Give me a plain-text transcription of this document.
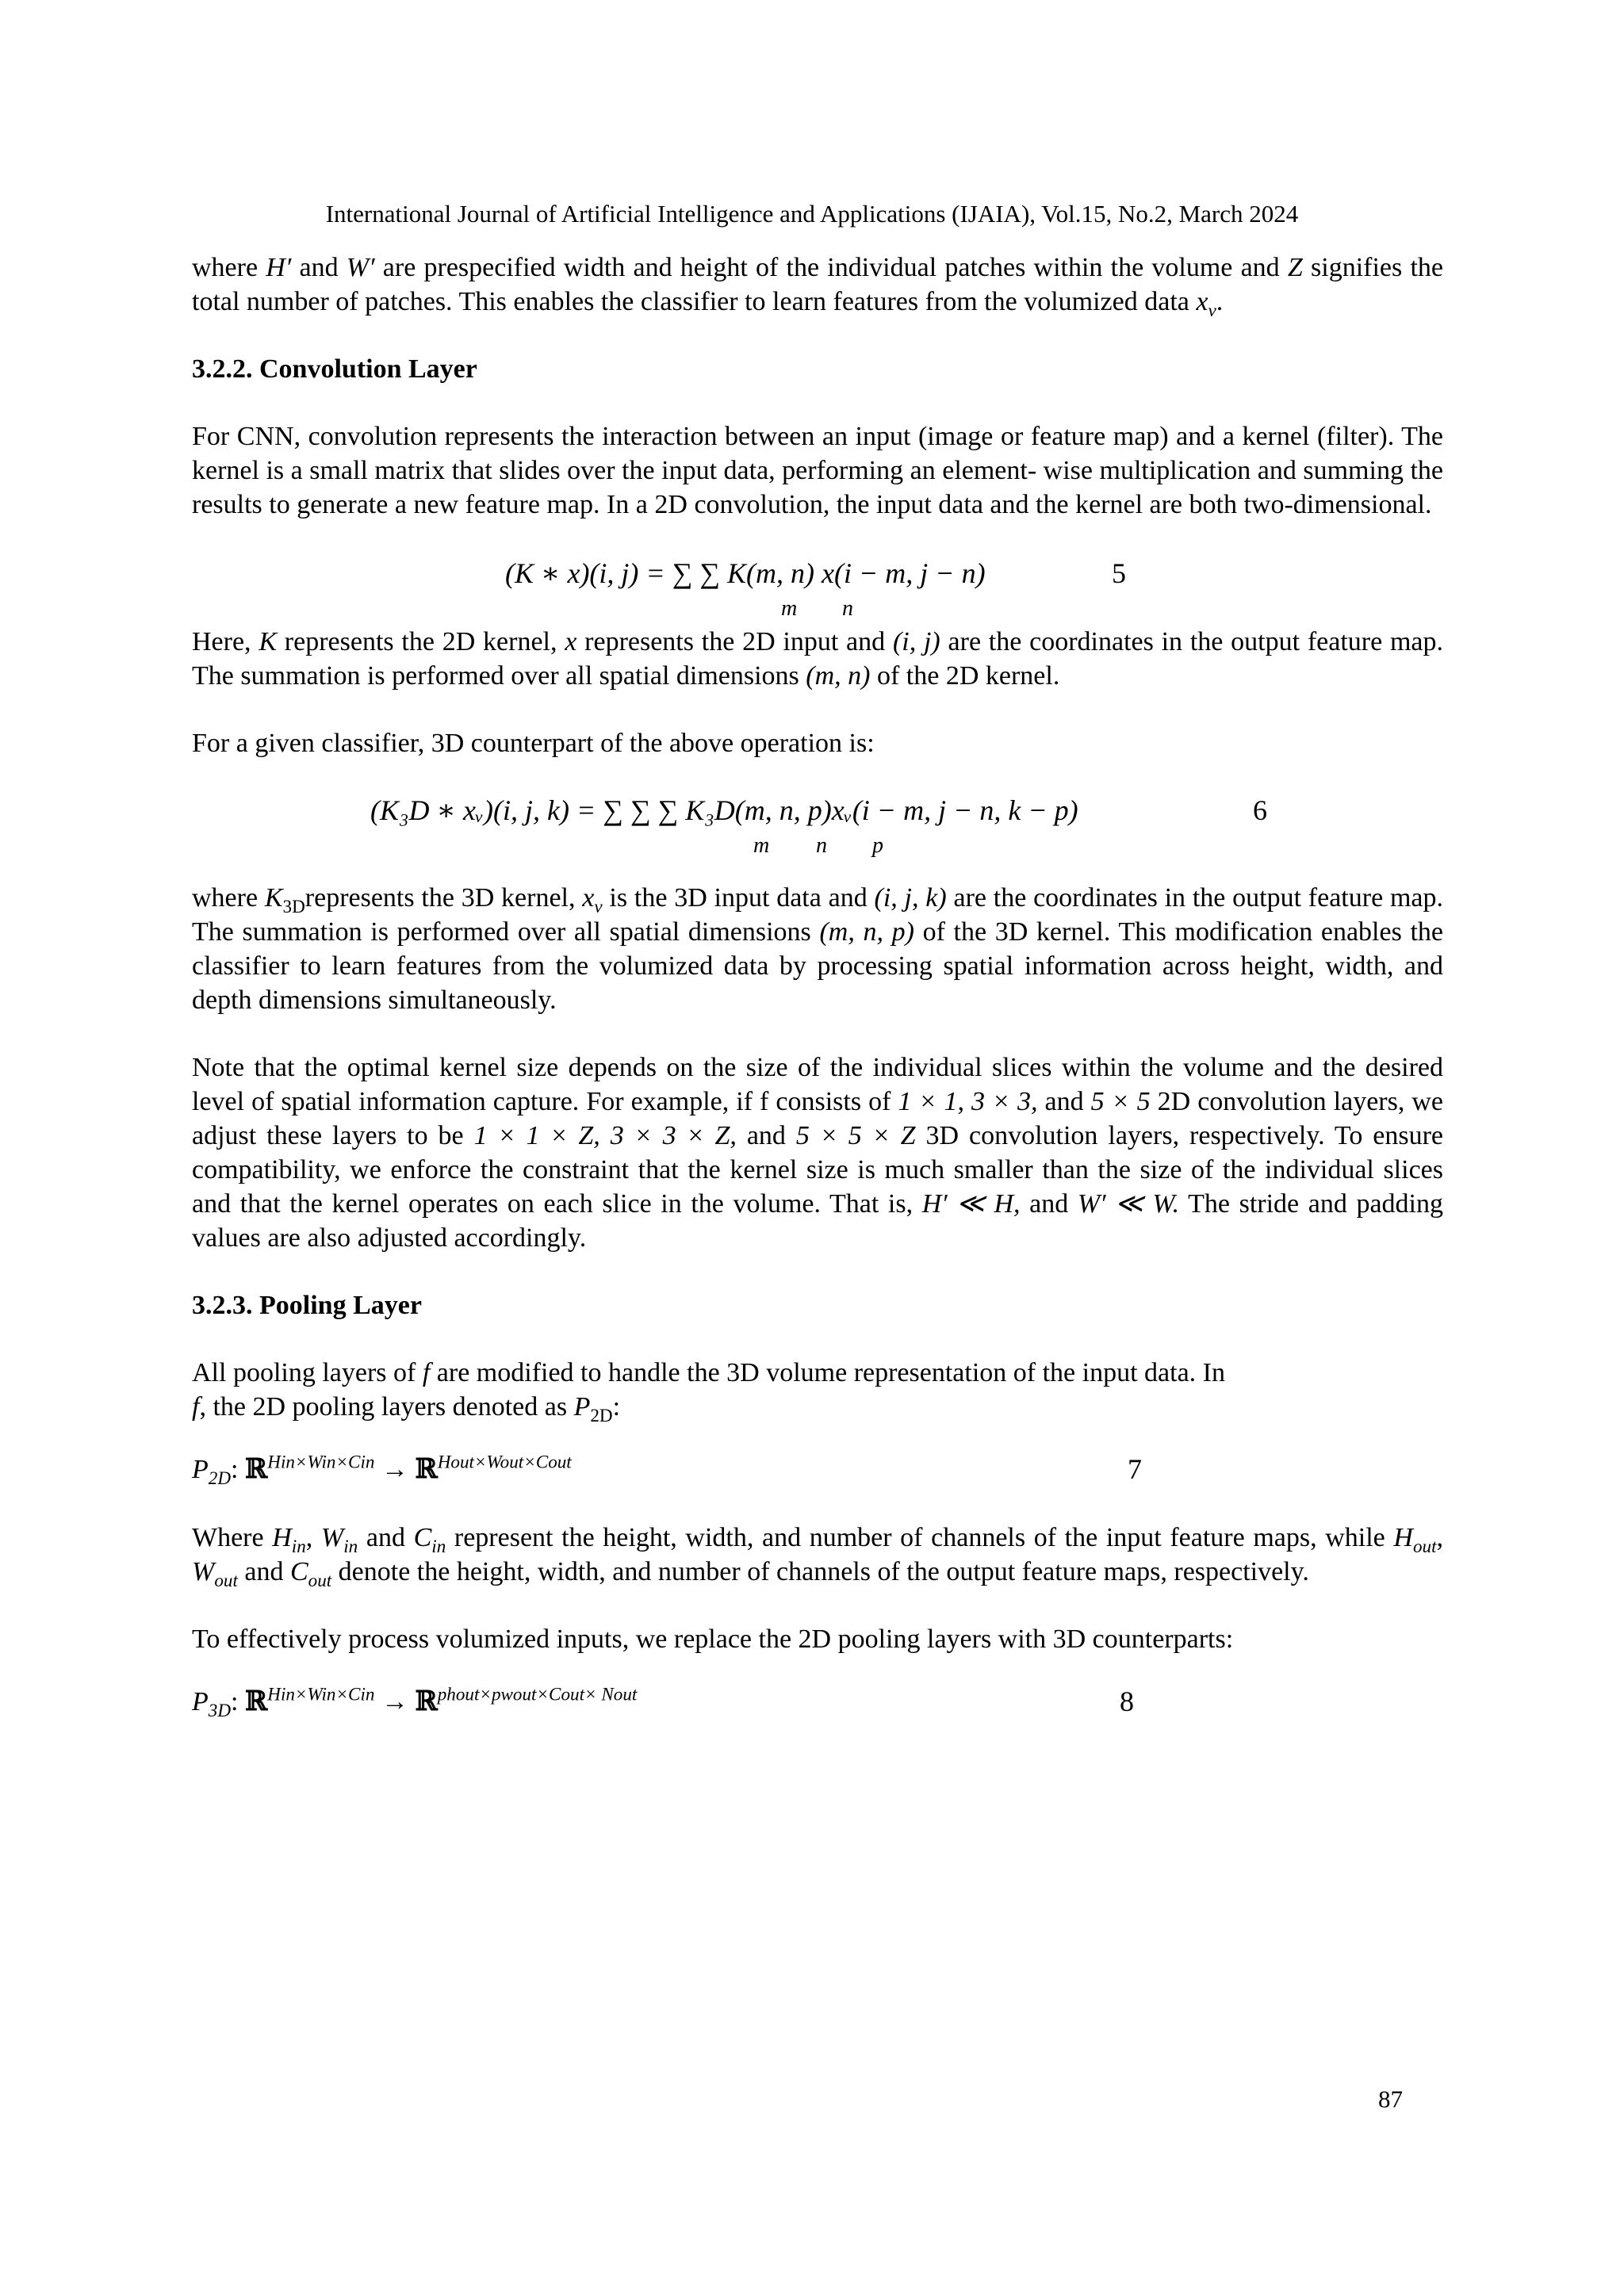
International Journal of Artificial Intelligence and Applications (IJAIA), Vol.15, No.2, March 2024

where H′ and W′ are prespecified width and height of the individual patches within the volume and Z signifies the total number of patches. This enables the classifier to learn features from the volumized data $x_v$.

3.2.2. Convolution Layer

For CNN, convolution represents the interaction between an input (image or feature map) and a kernel (filter). The kernel is a small matrix that slides over the input data, performing an element- wise multiplication and summing the results to generate a new feature map. In a 2D convolution, the input data and the kernel are both two-dimensional.

(K ∗ x)(i, j) = ∑ ∑ K(m, n) x(i − m, j − n)	5
m n

Here, K represents the 2D kernel, x represents the 2D input and (i, j) are the coordinates in the output feature map. The summation is performed over all spatial dimensions (m, n) of the 2D kernel.

For a given classifier, 3D counterpart of the above operation is:

(K₃D ∗ xᵥ)(i, j, k) = ∑ ∑ ∑ K₃D(m, n, p)xᵥ(i − m, j − n, k − p)	6
m n p

where $K_{3D}represents$ the 3D kernel, $x_v$ is the 3D input data and (i, j, k) are the coordinates in the output feature map. The summation is performed over all spatial dimensions (m, n, p) of the 3D kernel. This modification enables the classifier to learn features from the volumized data by processing spatial information across height, width, and depth dimensions simultaneously.

Note that the optimal kernel size depends on the size of the individual slices within the volume and the desired level of spatial information capture. For example, if f consists of 1 × 1, 3 × 3, and 5 × 5 2D convolution layers, we adjust these layers to be 1 × 1 × Z, 3 × 3 × Z, and 5 × 5 × Z 3D convolution layers, respectively. To ensure compatibility, we enforce the constraint that the kernel size is much smaller than the size of the individual slices and that the kernel operates on each slice in the volume. That is, H′ ≪ H, and W′ ≪ W. The stride and padding values are also adjusted accordingly.

3.2.3. Pooling Layer

All pooling layers of f are modified to handle the 3D volume representation of the input data. In
f, the 2D pooling layers denoted as $P_{2D}$:

$P_{2D}$: ℝ$^{Hin\times Win\times Cin}$ → ℝ$^{Hout\times Wout\times Cout}$	7

Where $H_{in}$, $W_{in}$ and $C_{in}$ represent the height, width, and number of channels of the input feature maps, while $H_{out}$, $W_{out}$ and $C_{out}$ denote the height, width, and number of channels of the output feature maps, respectively.

To effectively process volumized inputs, we replace the 2D pooling layers with 3D counterparts:

$P_{3D}$: ℝ$^{Hin\times Win\times Cin}$ → ℝ$^{phout\times pwout\times Cout\times Nout}$	8
87
